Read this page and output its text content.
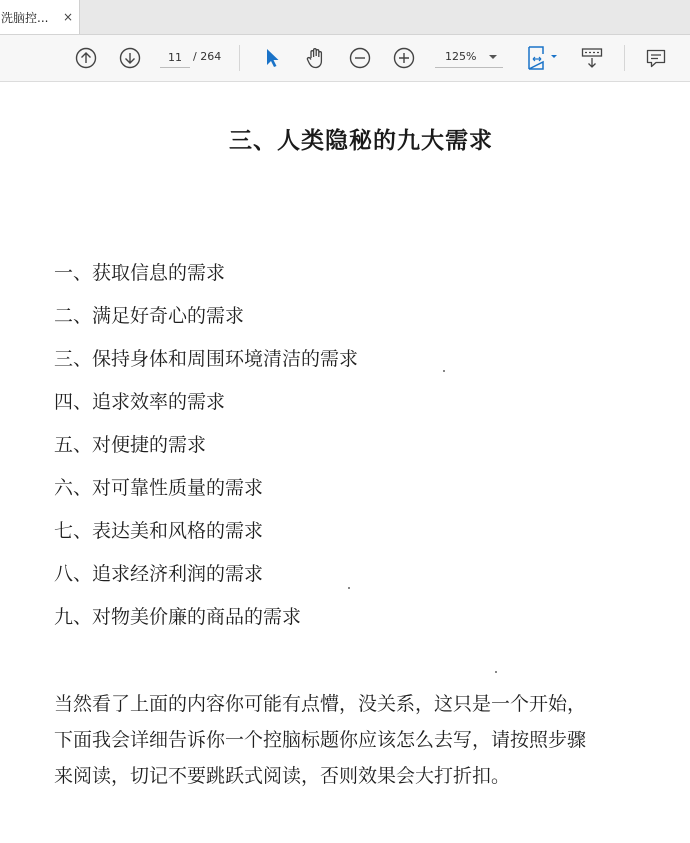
洗脑控...	×
11
/ 264	125%
三、人类隐秘的九大需求
一、获取信息的需求
二、满足好奇心的需求
三、保持身体和周围环境清洁的需求
四、追求效率的需求
五、对便捷的需求
六、对可靠性质量的需求
七、表达美和风格的需求
八、追求经济利润的需求
九、对物美价廉的商品的需求

当然看了上面的内容你可能有点懵，没关系，这只是一个开始，
下面我会详细告诉你一个控脑标题你应该怎么去写，请按照步骤
来阅读，切记不要跳跃式阅读，否则效果会大打折扣。
